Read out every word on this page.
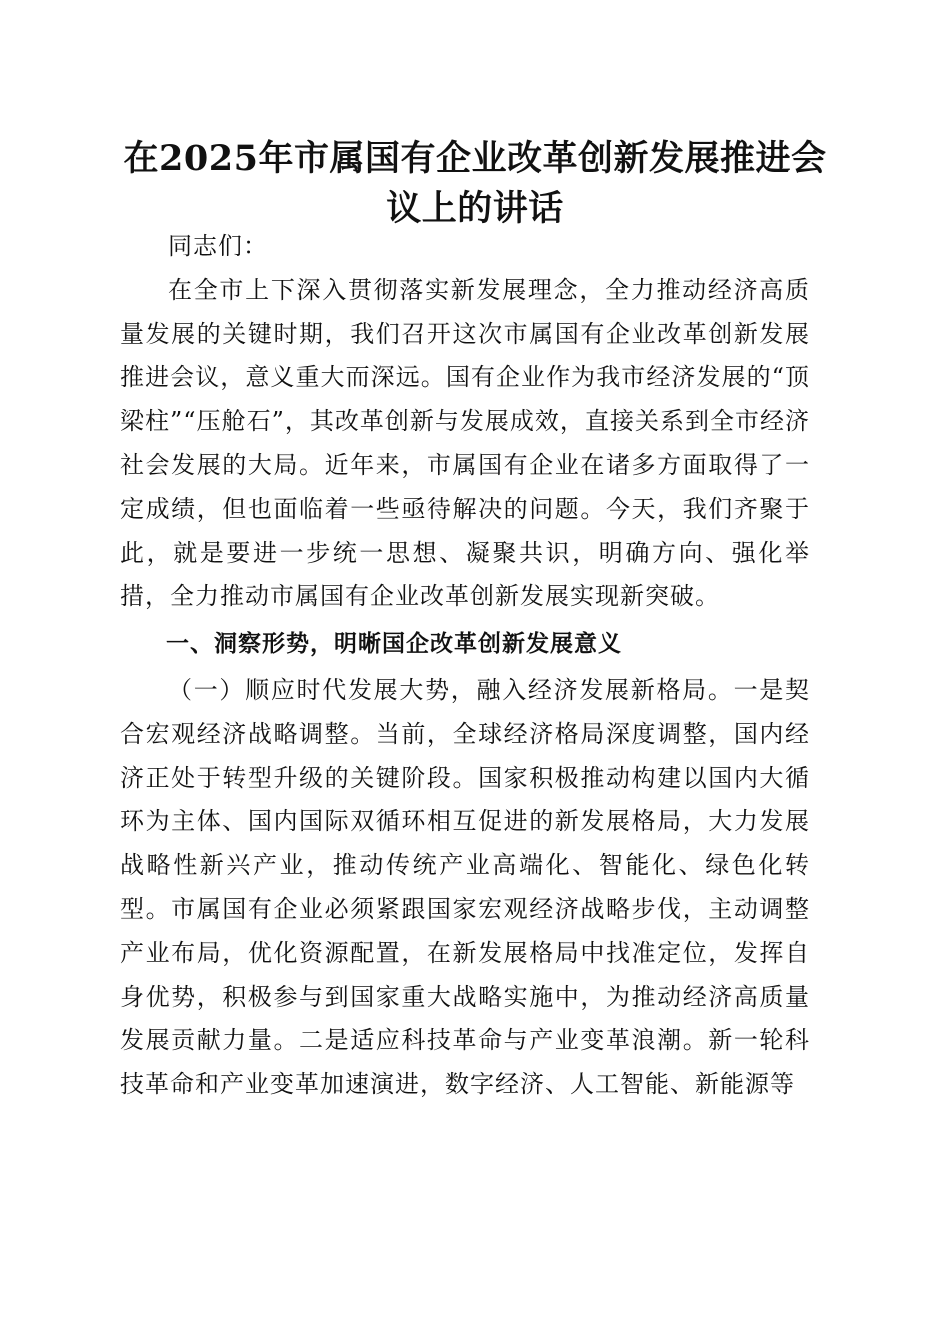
在2025年市属国有企业改革创新发展推进会议上的讲话

同志们：

在全市上下深入贯彻落实新发展理念，全力推动经济高质量发展的关键时期，我们召开这次市属国有企业改革创新发展推进会议，意义重大而深远。国有企业作为我市经济发展的“顶梁柱”“压舱石”，其改革创新与发展成效，直接关系到全市经济社会发展的大局。近年来，市属国有企业在诸多方面取得了一定成绩，但也面临着一些亟待解决的问题。今天，我们齐聚于此，就是要进一步统一思想、凝聚共识，明确方向、强化举措，全力推动市属国有企业改革创新发展实现新突破。

一、洞察形势，明晰国企改革创新发展意义

（一）顺应时代发展大势，融入经济发展新格局。一是契合宏观经济战略调整。当前，全球经济格局深度调整，国内经济正处于转型升级的关键阶段。国家积极推动构建以国内大循环为主体、国内国际双循环相互促进的新发展格局，大力发展战略性新兴产业，推动传统产业高端化、智能化、绿色化转型。市属国有企业必须紧跟国家宏观经济战略步伐，主动调整产业布局，优化资源配置，在新发展格局中找准定位，发挥自身优势，积极参与到国家重大战略实施中，为推动经济高质量发展贡献力量。二是适应科技革命与产业变革浪潮。新一轮科技革命和产业变革加速演进，数字经济、人工智能、新能源等
